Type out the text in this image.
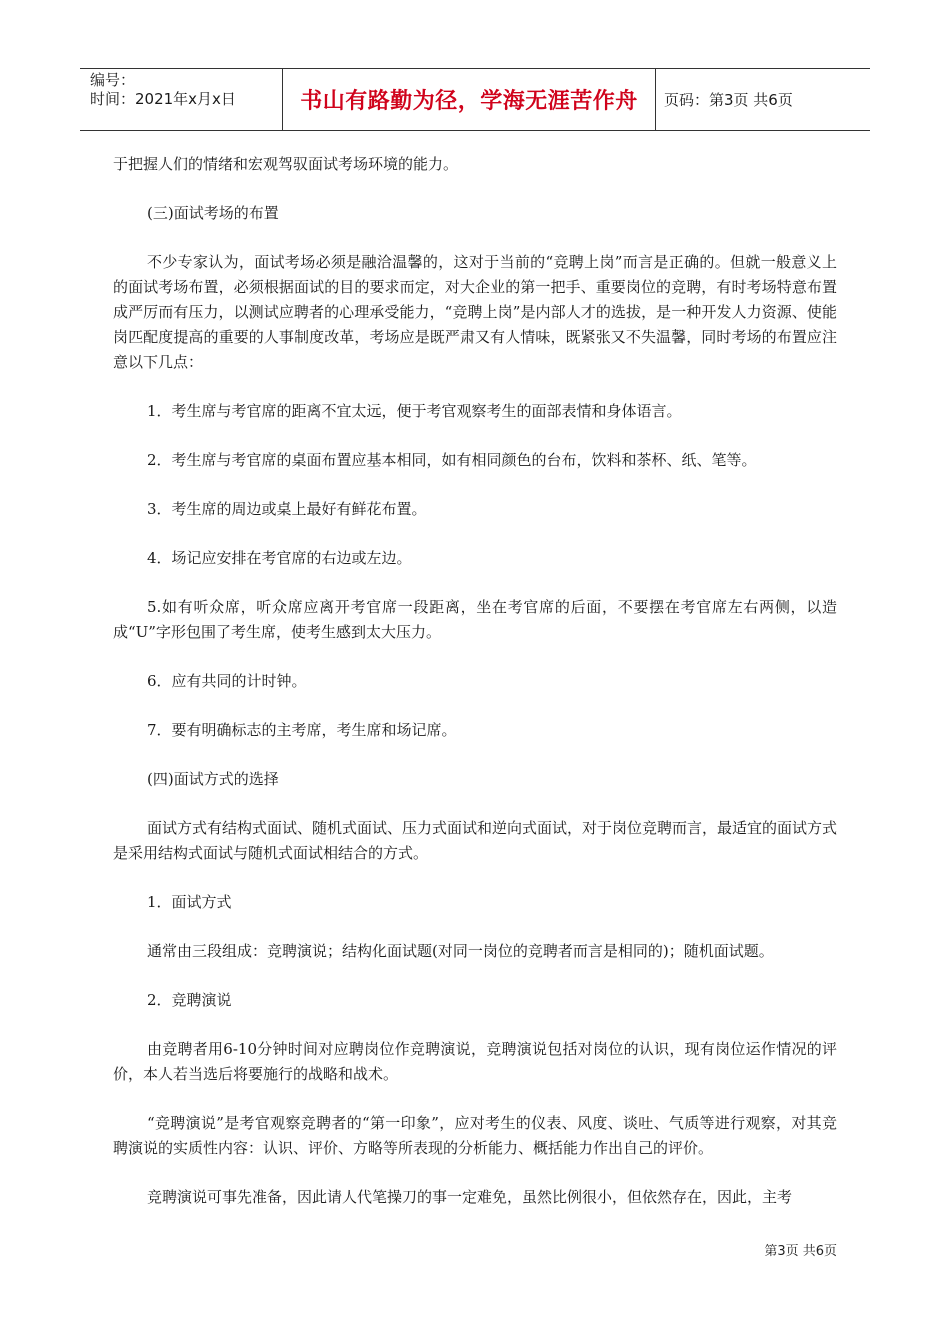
编号：
时间：2021年x月x日	书山有路勤为径，学海无涯苦作舟	页码：第3页 共6页

于把握人们的情绪和宏观驾驭面试考场环境的能力。

(三)面试考场的布置

不少专家认为，面试考场必须是融洽温馨的，这对于当前的“竞聘上岗”而言是正确的。但就一般意义上的面试考场布置，必须根据面试的目的要求而定，对大企业的第一把手、重要岗位的竞聘，有时考场特意布置成严厉而有压力，以测试应聘者的心理承受能力，“竞聘上岗”是内部人才的选拔，是一种开发人力资源、使能岗匹配度提高的重要的人事制度改革，考场应是既严肃又有人情味，既紧张又不失温馨，同时考场的布置应注意以下几点：

1．考生席与考官席的距离不宜太远，便于考官观察考生的面部表情和身体语言。

2．考生席与考官席的桌面布置应基本相同，如有相同颜色的台布，饮料和茶杯、纸、笔等。

3．考生席的周边或桌上最好有鲜花布置。

4．场记应安排在考官席的右边或左边。

5.如有听众席，听众席应离开考官席一段距离，坐在考官席的后面，不要摆在考官席左右两侧，以造成“U”字形包围了考生席，使考生感到太大压力。

6．应有共同的计时钟。

7．要有明确标志的主考席，考生席和场记席。

(四)面试方式的选择

面试方式有结构式面试、随机式面试、压力式面试和逆向式面试，对于岗位竞聘而言，最适宜的面试方式是采用结构式面试与随机式面试相结合的方式。

1．面试方式

通常由三段组成：竞聘演说；结构化面试题(对同一岗位的竞聘者而言是相同的)；随机面试题。

2．竞聘演说

由竞聘者用6-10分钟时间对应聘岗位作竞聘演说，竞聘演说包括对岗位的认识，现有岗位运作情况的评价，本人若当选后将要施行的战略和战术。

“竞聘演说”是考官观察竞聘者的“第一印象”，应对考生的仪表、风度、谈吐、气质等进行观察，对其竞聘演说的实质性内容：认识、评价、方略等所表现的分析能力、概括能力作出自己的评价。

竞聘演说可事先准备，因此请人代笔操刀的事一定难免，虽然比例很小，但依然存在，因此，主考

第3页 共6页
